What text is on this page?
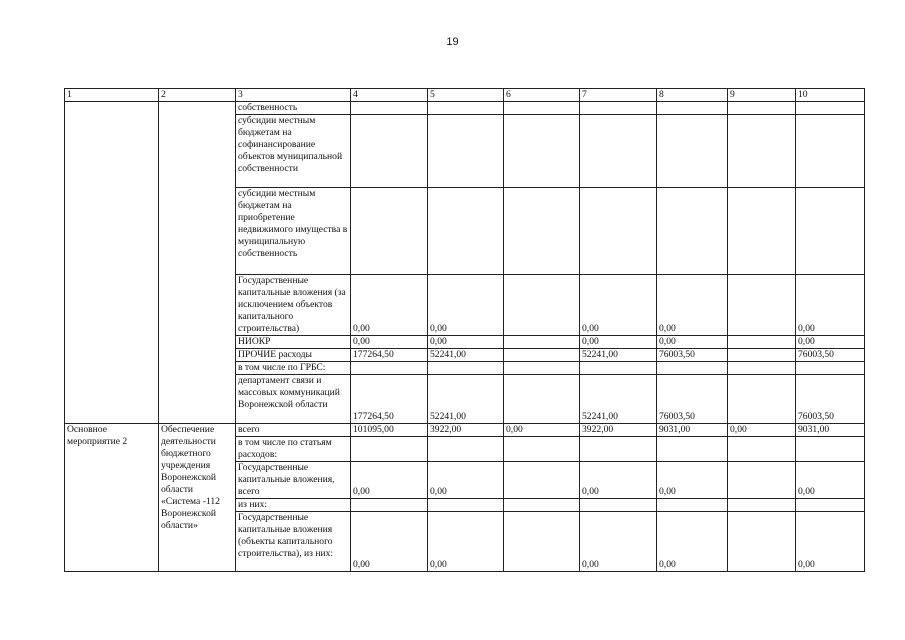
19
1	2	3	4	5	6	7	8	9	10
		собственность							
		субсидии местным бюджетам на софинансирование объектов муниципальной собственности							
		субсидии местным бюджетам на приобретение недвижимого имущества в муниципальную собственность							
		Государственные капитальные вложения (за исключением объектов капитального строительства)	0,00	0,00		0,00	0,00		0,00
		НИОКР	0,00	0,00		0,00	0,00		0,00
		ПРОЧИЕ расходы	177264,50	52241,00		52241,00	76003,50		76003,50
		в том числе по ГРБС:							
		департамент связи и массовых коммуникаций Воронежской области	177264,50	52241,00		52241,00	76003,50		76003,50
Основное мероприятие 2	Обеспечение деятельности бюджетного учреждения Воронежской области «Система -112 Воронежской области»	всего	101095,00	3922,00	0,00	3922,00	9031,00	0,00	9031,00
		в том числе по статьям расходов:							
		Государственные капитальные вложения, всего	0,00	0,00		0,00	0,00		0,00
		из них:							
		Государственные капитальные вложения (объекты капитального строительства), из них:	0,00	0,00		0,00	0,00		0,00
